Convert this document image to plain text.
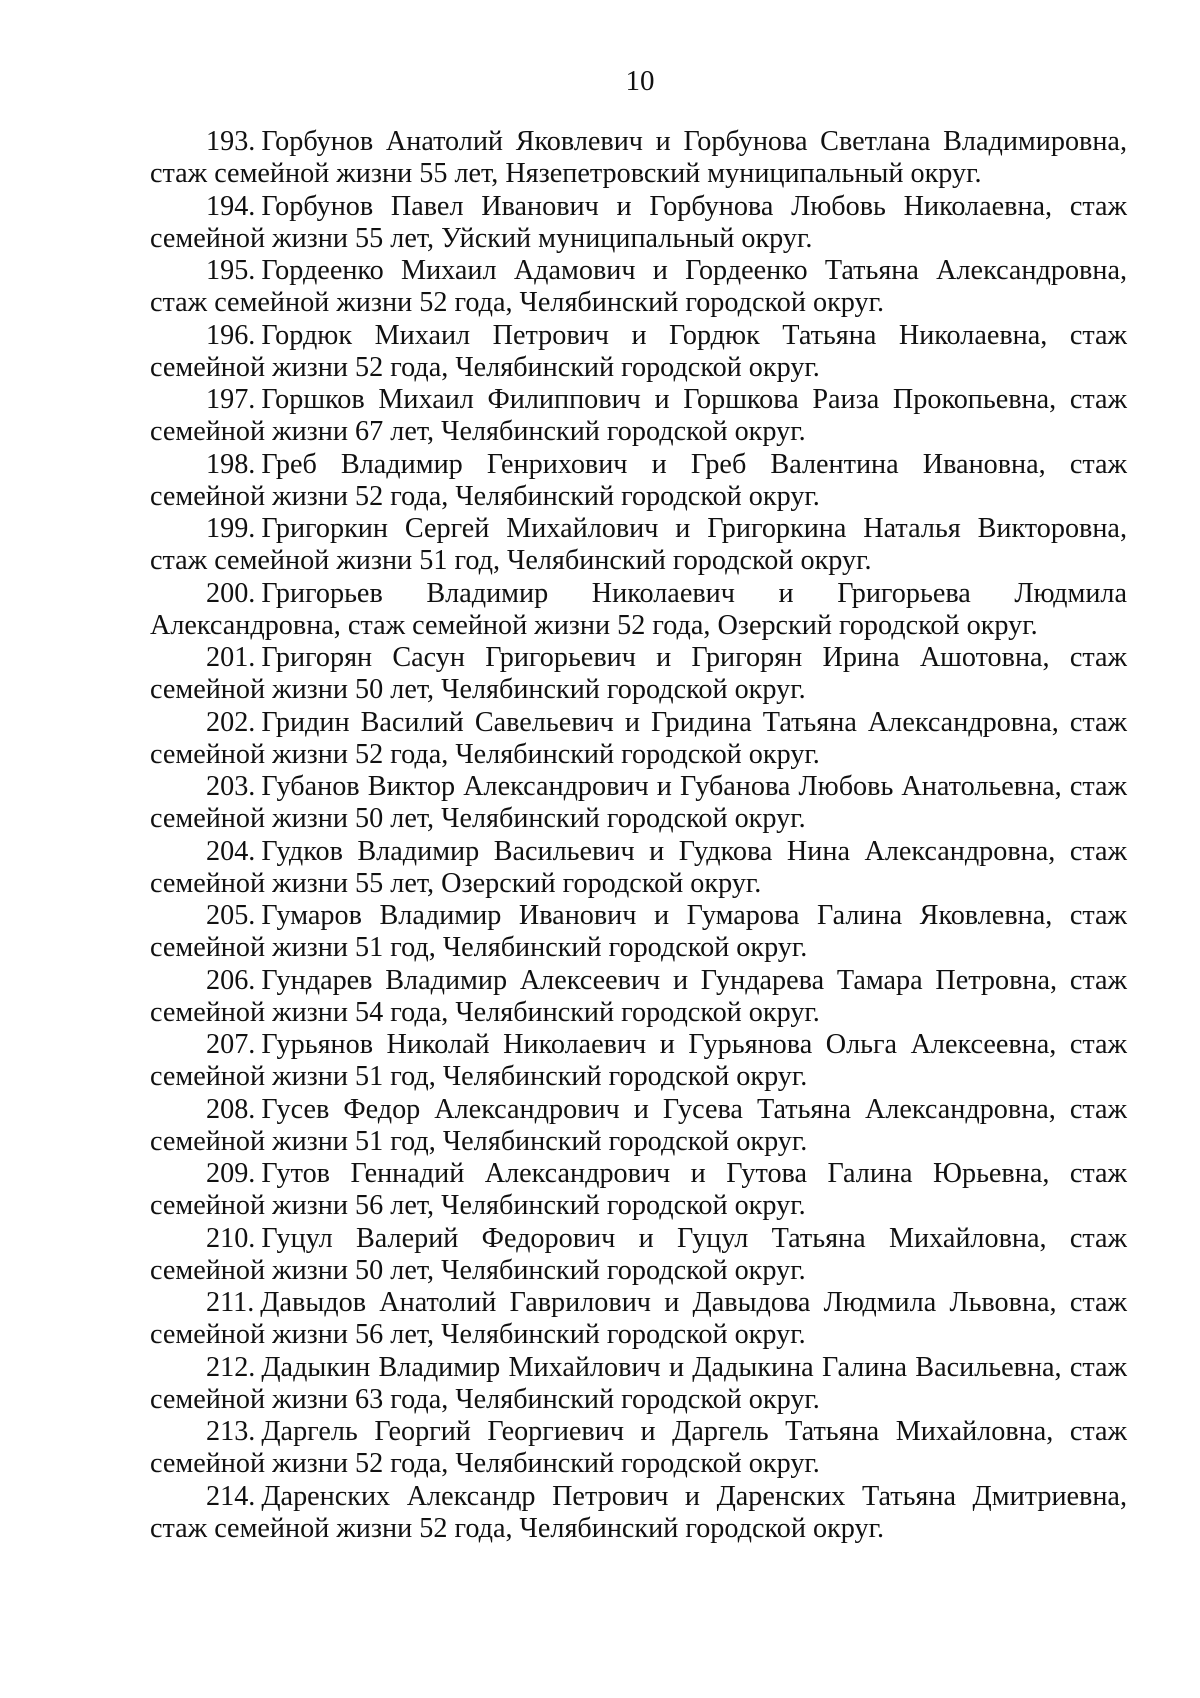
10

193. Горбунов Анатолий Яковлевич и Горбунова Светлана Владимировна, стаж семейной жизни 55 лет, Нязепетровский муниципальный округ.

194. Горбунов Павел Иванович и Горбунова Любовь Николаевна, стаж семейной жизни 55 лет, Уйский муниципальный округ.

195. Гордеенко Михаил Адамович и Гордеенко Татьяна Александровна, стаж семейной жизни 52 года, Челябинский городской округ.

196. Гордюк Михаил Петрович и Гордюк Татьяна Николаевна, стаж семейной жизни 52 года, Челябинский городской округ.

197. Горшков Михаил Филиппович и Горшкова Раиза Прокопьевна, стаж семейной жизни 67 лет, Челябинский городской округ.

198. Греб Владимир Генрихович и Греб Валентина Ивановна, стаж семейной жизни 52 года, Челябинский городской округ.

199. Григоркин Сергей Михайлович и Григоркина Наталья Викторовна, стаж семейной жизни 51 год, Челябинский городской округ.

200. Григорьев Владимир Николаевич и Григорьева Людмила Александровна, стаж семейной жизни 52 года, Озерский городской округ.

201. Григорян Сасун Григорьевич и Григорян Ирина Ашотовна, стаж семейной жизни 50 лет, Челябинский городской округ.

202. Гридин Василий Савельевич и Гридина Татьяна Александровна, стаж семейной жизни 52 года, Челябинский городской округ.

203. Губанов Виктор Александрович и Губанова Любовь Анатольевна, стаж семейной жизни 50 лет, Челябинский городской округ.

204. Гудков Владимир Васильевич и Гудкова Нина Александровна, стаж семейной жизни 55 лет, Озерский городской округ.

205. Гумаров Владимир Иванович и Гумарова Галина Яковлевна, стаж семейной жизни 51 год, Челябинский городской округ.

206. Гундарев Владимир Алексеевич и Гундарева Тамара Петровна, стаж семейной жизни 54 года, Челябинский городской округ.

207. Гурьянов Николай Николаевич и Гурьянова Ольга Алексеевна, стаж семейной жизни 51 год, Челябинский городской округ.

208. Гусев Федор Александрович и Гусева Татьяна Александровна, стаж семейной жизни 51 год, Челябинский городской округ.

209. Гутов Геннадий Александрович и Гутова Галина Юрьевна, стаж семейной жизни 56 лет, Челябинский городской округ.

210. Гуцул Валерий Федорович и Гуцул Татьяна Михайловна, стаж семейной жизни 50 лет, Челябинский городской округ.

211. Давыдов Анатолий Гаврилович и Давыдова Людмила Львовна, стаж семейной жизни 56 лет, Челябинский городской округ.

212. Дадыкин Владимир Михайлович и Дадыкина Галина Васильевна, стаж семейной жизни 63 года, Челябинский городской округ.

213. Даргель Георгий Георгиевич и Даргель Татьяна Михайловна, стаж семейной жизни 52 года, Челябинский городской округ.

214. Даренских Александр Петрович и Даренских Татьяна Дмитриевна, стаж семейной жизни 52 года, Челябинский городской округ.
